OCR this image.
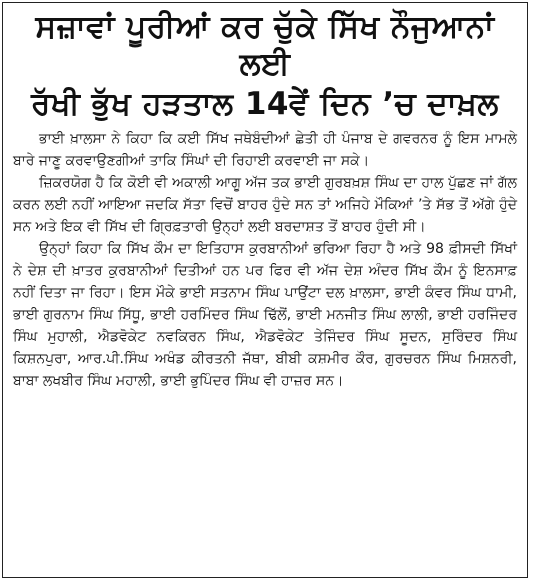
ਸਜ਼ਾਵਾਂ ਪੂਰੀਆਂ ਕਰ ਚੁੱਕੇ ਸਿੱਖ ਨੌਜੁਆਨਾਂ ਲਈ
ਰੱਖੀ ਭੁੱਖ ਹੜਤਾਲ 14ਵੇਂ ਦਿਨ ’ਚ ਦਾਖ਼ਲ

ਭਾਈ ਖ਼ਾਲਸਾ ਨੇ ਕਿਹਾ ਕਿ ਕਈ ਸਿੱਖ ਜਥੇਬੰਦੀਆਂ ਛੇਤੀ ਹੀ ਪੰਜਾਬ ਦੇ ਗਵਰਨਰ ਨੂੰ ਇਸ ਮਾਮਲੇ ਬਾਰੇ ਜਾਣੂ ਕਰਵਾਉਣਗੀਆਂ ਤਾਕਿ ਸਿੰਘਾਂ ਦੀ ਰਿਹਾਈ ਕਰਵਾਈ ਜਾ ਸਕੇ।

ਜ਼ਿਕਰਯੋਗ ਹੈ ਕਿ ਕੋਈ ਵੀ ਅਕਾਲੀ ਆਗੂ ਅੱਜ ਤਕ ਭਾਈ ਗੁਰਬਖ਼ਸ਼ ਸਿੰਘ ਦਾ ਹਾਲ ਪੁੱਛਣ ਜਾਂ ਗੱਲ ਕਰਨ ਲਈ ਨਹੀਂ ਆਇਆ ਜਦਕਿ ਸੱਤਾ ਵਿਚੋਂ ਬਾਹਰ ਹੁੰਦੇ ਸਨ ਤਾਂ ਅਜਿਹੇ ਮੌਕਿਆਂ ’ਤੇ ਸੱਭ ਤੋਂ ਅੱਗੇ ਹੁੰਦੇ ਸਨ ਅਤੇ ਇਕ ਵੀ ਸਿੱਖ ਦੀ ਗ੍ਰਿਫ਼ਤਾਰੀ ਉਨ੍ਹਾਂ ਲਈ ਬਰਦਾਸ਼ਤ ਤੋਂ ਬਾਹਰ ਹੁੰਦੀ ਸੀ।

ਉਨ੍ਹਾਂ ਕਿਹਾ ਕਿ ਸਿੱਖ ਕੌਮ ਦਾ ਇਤਿਹਾਸ ਕੁਰਬਾਨੀਆਂ ਭਰਿਆ ਰਿਹਾ ਹੈ ਅਤੇ 98 ਫ਼ੀਸਦੀ ਸਿੱਖਾਂ ਨੇ ਦੇਸ਼ ਦੀ ਖ਼ਾਤਰ ਕੁਰਬਾਨੀਆਂ ਦਿਤੀਆਂ ਹਨ ਪਰ ਫਿਰ ਵੀ ਅੱਜ ਦੇਸ਼ ਅੰਦਰ ਸਿੱਖ ਕੌਮ ਨੂੰ ਇਨਸਾਫ਼ ਨਹੀਂ ਦਿਤਾ ਜਾ ਰਿਹਾ। ਇਸ ਮੌਕੇ ਭਾਈ ਸਤਨਾਮ ਸਿੰਘ ਪਾਉਂਟਾ ਦਲ ਖ਼ਾਲਸਾ, ਭਾਈ ਕੰਵਰ ਸਿੰਘ ਧਾਮੀ, ਭਾਈ ਗੁਰਨਾਮ ਸਿੰਘ ਸਿੱਧੂ, ਭਾਈ ਹਰਮਿੰਦਰ ਸਿੰਘ ਢਿੱਲੋਂ, ਭਾਈ ਮਨਜੀਤ ਸਿੰਘ ਲਾਲੀ, ਭਾਈ ਹਰਜਿੰਦਰ ਸਿੰਘ ਮੁਹਾਲੀ, ਐਡਵੋਕੇਟ ਨਵਕਿਰਨ ਸਿੰਘ, ਐਡਵੋਕੇਟ ਤੇਜਿੰਦਰ ਸਿੰਘ ਸੂਦਨ, ਸੁਰਿੰਦਰ ਸਿੰਘ ਕਿਸ਼ਨਪੁਰਾ, ਆਰ.ਪੀ.ਸਿੰਘ ਅਖੰਡ ਕੀਰਤਨੀ ਜੱਥਾ, ਬੀਬੀ ਕਸ਼ਮੀਰ ਕੌਰ, ਗੁਰਚਰਨ ਸਿੰਘ ਮਿਸ਼ਨਰੀ, ਬਾਬਾ ਲਖਬੀਰ ਸਿੰਘ ਮਹਾਲੀ, ਭਾਈ ਭੁਪਿੰਦਰ ਸਿੰਘ ਵੀ ਹਾਜ਼ਰ ਸਨ।
